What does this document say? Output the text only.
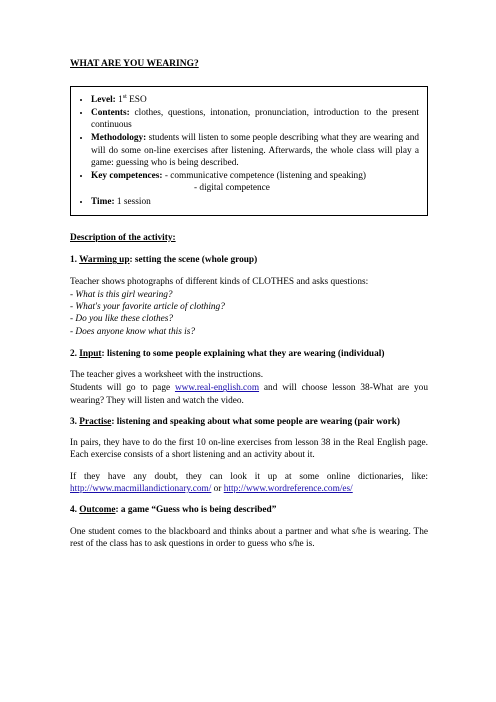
WHAT ARE YOU WEARING?
• Level: 1st ESO
• Contents: clothes, questions, intonation, pronunciation, introduction to the present continuous
• Methodology: students will listen to some people describing what they are wearing and will do some on-line exercises after listening. Afterwards, the whole class will play a game: guessing who is being described.
• Key competences: - communicative competence (listening and speaking)
- digital competence
• Time: 1 session
Description of the activity:
1. Warming up: setting the scene (whole group)

Teacher shows photographs of different kinds of CLOTHES and asks questions:

- What is this girl wearing?
- What's your favorite article of clothing?
- Do you like these clothes?
- Does anyone know what this is?
2. Input: listening to some people explaining what they are wearing (individual)

The teacher gives a worksheet with the instructions.

Students will go to page www.real-english.com and will choose lesson 38-What are you wearing? They will listen and watch the video.

3. Practise: listening and speaking about what some people are wearing (pair work)

In pairs, they have to do the first 10 on-line exercises from lesson 38 in the Real English page. Each exercise consists of a short listening and an activity about it.

If they have any doubt, they can look it up at some online dictionaries, like: http://www.macmillandictionary.com/ or http://www.wordreference.com/es/

4. Outcome: a game “Guess who is being described”

One student comes to the blackboard and thinks about a partner and what s/he is wearing. The rest of the class has to ask questions in order to guess who s/he is.
